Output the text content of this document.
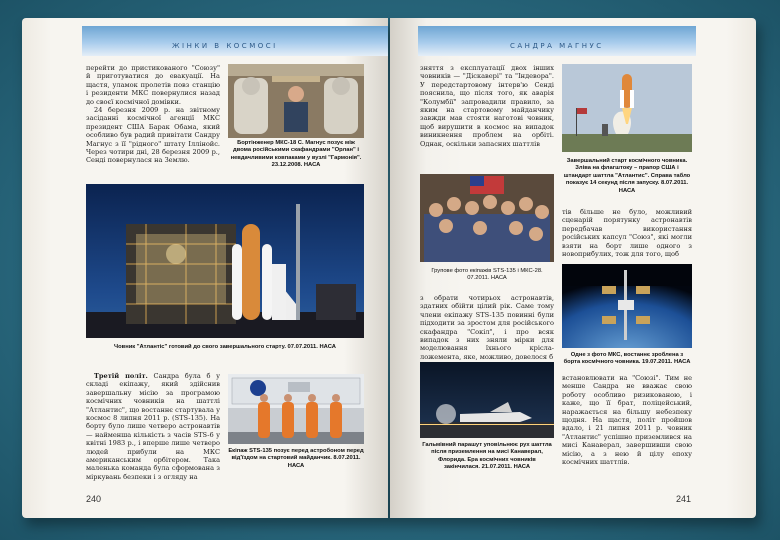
ЖІНКИ В КОСМОСІ

перейти до пристикованого "Союзу" й приготуватися до евакуації. На щастя, уламок пролетів повз станцію і резиденти МКС повернулися назад до своєї космічної домівки.

24 березня 2009 р. на звітному засіданні космічної агенції МКС президент США Барак Обама, який особливо був радий привітати Сандру Магнус з її "рідного" штату Іллінойс. Через чотири дні, 28 березня 2009 р., Сенді повернулася на Землю.

Бортінженер МКС-18 С. Магнус позує між двома російськими скафандрами "Орлан" і невдачливими ковпаками у вузлі "Гармонія". 23.12.2008. НАСА
Човник "Атлантіс" готовий до свого завершального старту. 07.07.2011. НАСА
Третій політ. Сандра була б у складі екіпажу, який здійснив завершальну місію за програмою космічних човників на шаттлі "Атлантис", що востаннє стартувала у космос 8 липня 2011 р. (STS-135). На борту було лише четверо астронавтів — найменша кількість з часів STS-6 у квітні 1983 р., і вперше лише четверо людей прибули на МКС американським орбітером. Така маленька команда була сформована з міркувань безпеки і з огляду на
Екіпаж STS-135 позує перед астробоном перед від'їздом на стартовий майданчик. 8.07.2011. НАСА
240
САНДРА МАГНУС
зняття з експлуатації двох інших човників — "Діскавері" та "Індевора". У передстартовому інтерв'ю Сенді пояснила, що після того, як аварія "Колумбії" запровадили правило, за яким на стартовому майданчику завжди мав стояти наготові човник, щоб вирушити в космос на випадок виникнення проблем на орбіті. Однак, оскільки запасних шаттлів
Групове фото екіпажів STS-135 і МКС-28. 07.2011. НАСА
з обрати чотирьох астронавтів, здатних обійти цілий рік. Саме тому члени екіпажу STS-135 повинні були підходити за зростом для російського скафандра "Сокіл", і про всяк випадок з них зняли мірки для моделювання їхнього крісла-ложемента, яке, можливо, довелося б
Гальмівний парашут уповільнює рух шаттла після приземлення на мисі Канаверал, Флорида. Ера космічних човників закінчилася. 21.07.2011. НАСА
Завершальний старт космічного човника. Зліва на флагштоку – прапор США і штандарт шаттла "Атлантис". Справа табло показує 14 секунд після запуску. 8.07.2011. НАСА
тів більше не було, можливий сценарій порятунку астронавтів передбачав використання російських капсул "Союз", які могли взяти на борт лише одного з новоприбулих, тож для того, щоб
Одне з фото МКС, востаннє зроблена з борта космічного човника. 19.07.2011. НАСА
встановлювати на "Союзі". Тим не менше Сандра не вважає свою роботу особливо ризикованою, і каже, що її брат, поліцейський, наражається на більшу небезпеку щодня. На щастя, політ пройшов вдало, і 21 липня 2011 р. човник "Атлантис" успішно приземлився на мисі Канаверал, завершивши свою місію, а з нею й цілу епоху космічних шаттлів.
241
